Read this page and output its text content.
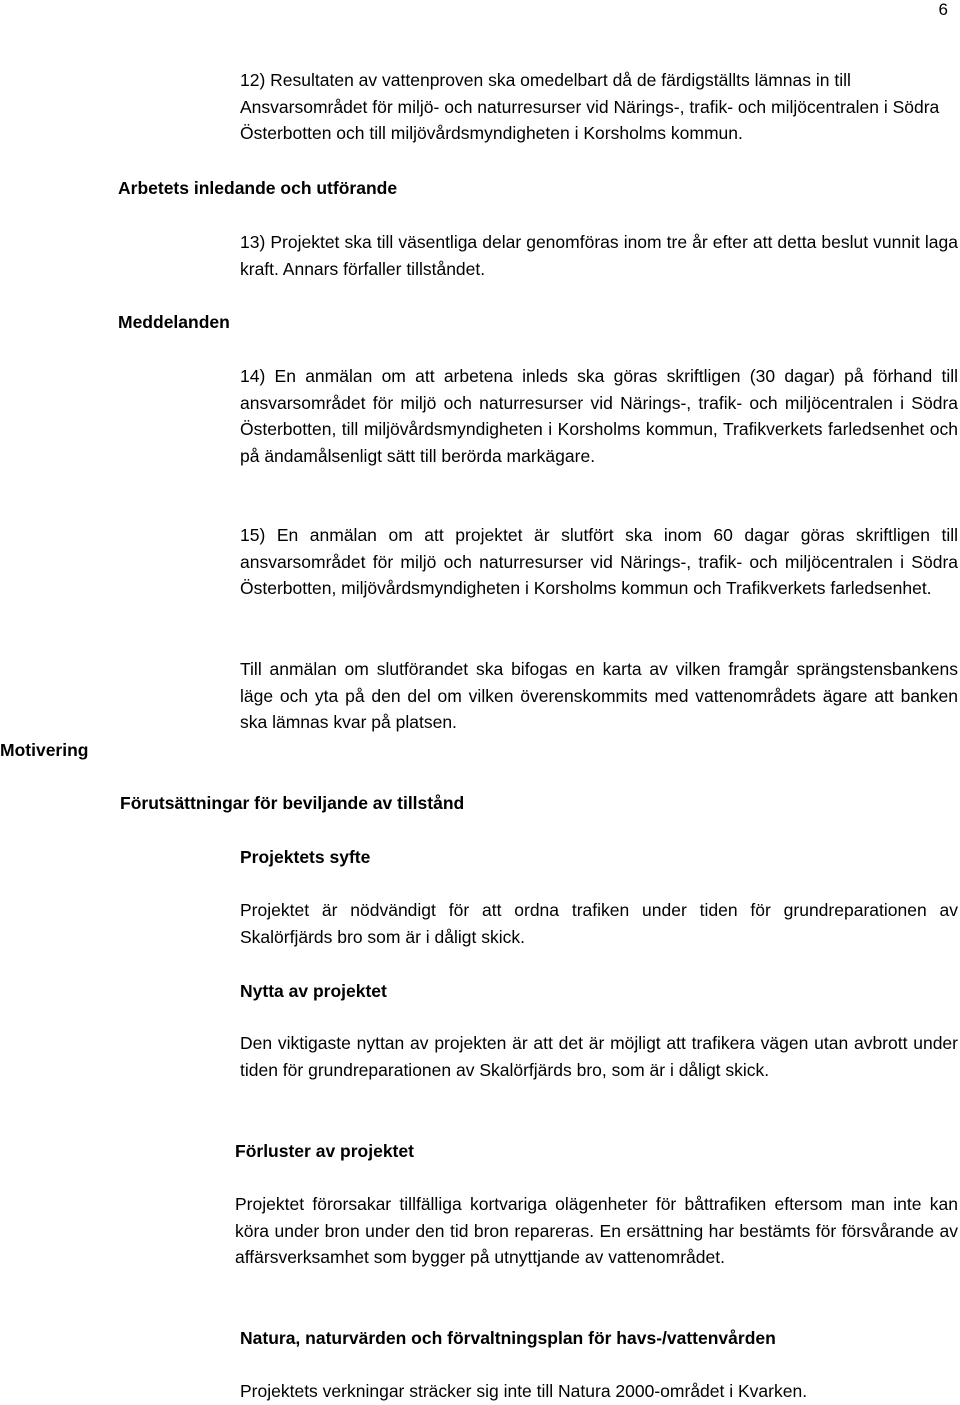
6

12) Resultaten av vattenproven ska omedelbart då de färdigställts lämnas in till Ansvarsområdet för miljö- och naturresurser vid Närings-, trafik- och miljöcentralen i Södra Österbotten och till miljövårdsmyndigheten i Korsholms kommun.

Arbetets inledande och utförande

13) Projektet ska till väsentliga delar genomföras inom tre år efter att detta beslut vunnit laga kraft. Annars förfaller tillståndet.

Meddelanden

14) En anmälan om att arbetena inleds ska göras skriftligen (30 dagar) på förhand till ansvarsområdet för miljö och naturresurser vid Närings-, trafik- och miljöcentralen i Södra Österbotten, till miljövårdsmyndigheten i Korsholms kommun, Trafikverkets farledsenhet och på ändamålsenligt sätt till berörda markägare.

15) En anmälan om att projektet är slutfört ska inom 60 dagar göras skriftligen till ansvarsområdet för miljö och naturresurser vid Närings-, trafik- och miljöcentralen i Södra Österbotten, miljövårdsmyndigheten i Korsholms kommun och Trafikverkets farledsenhet.

Till anmälan om slutförandet ska bifogas en karta av vilken framgår sprängstensbankens läge och yta på den del om vilken överenskommits med vattenområdets ägare att banken ska lämnas kvar på platsen.

Motivering
Förutsättningar för beviljande av tillstånd
Projektets syfte

Projektet är nödvändigt för att ordna trafiken under tiden för grundreparationen av Skalörfjärds bro som är i dåligt skick.

Nytta av projektet

Den viktigaste nyttan av projekten är att det är möjligt att trafikera vägen utan avbrott under tiden för grundreparationen av Skalörfjärds bro, som är i dåligt skick.

Förluster av projektet

Projektet förorsakar tillfälliga kortvariga olägenheter för båttrafiken eftersom man inte kan köra under bron under den tid bron repareras. En ersättning har bestämts för försvårande av affärsverksamhet som bygger på utnyttjande av vattenområdet.

Natura, naturvärden och förvaltningsplan för havs-/vattenvården

Projektets verkningar sträcker sig inte till Natura 2000-området i Kvarken.
